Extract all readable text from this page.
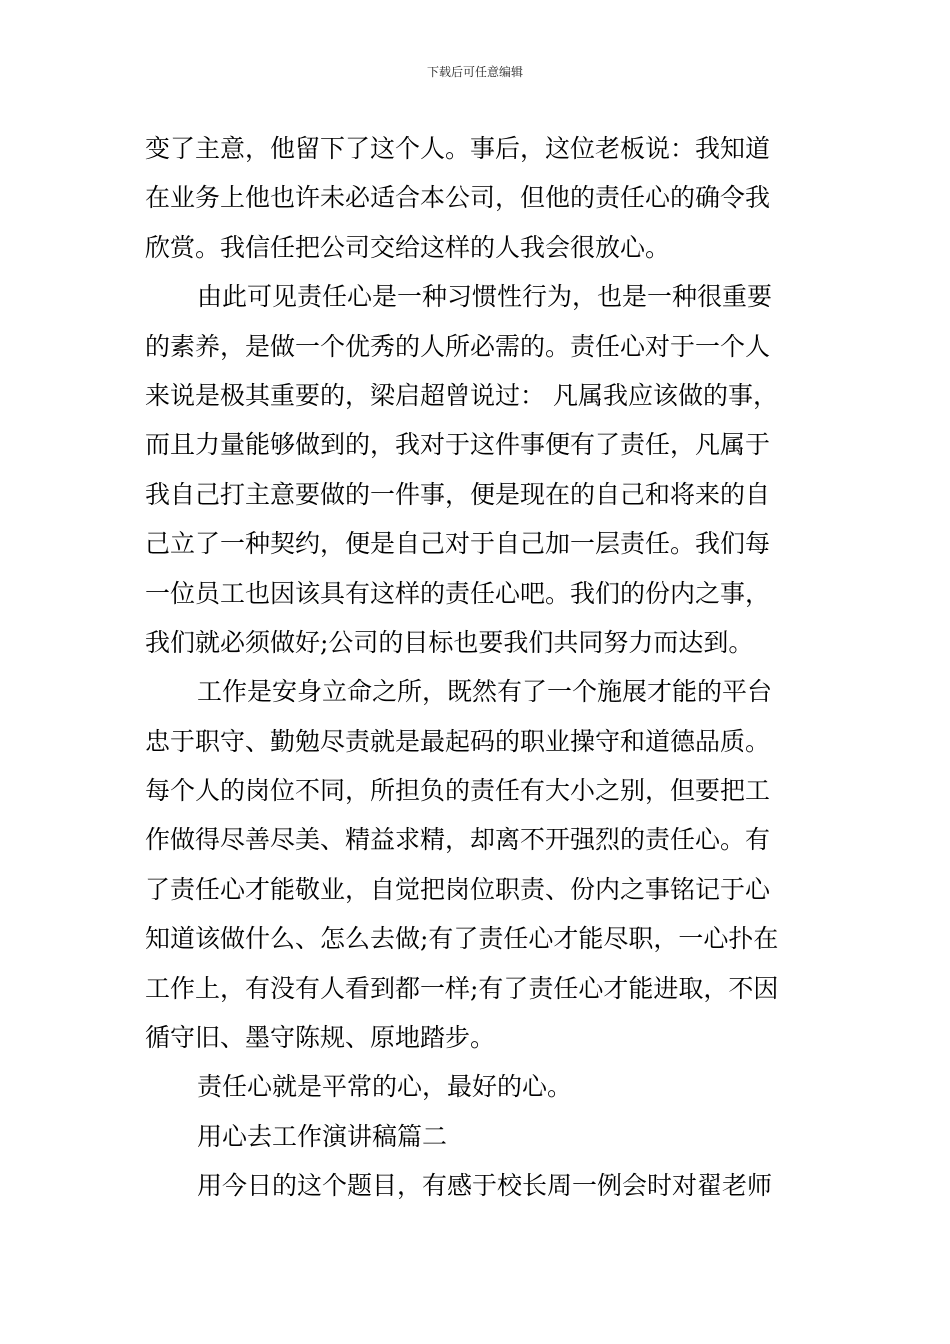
下载后可任意编辑
变了主意，他留下了这个人。事后，这位老板说：我知道
在业务上他也许未必适合本公司，但他的责任心的确令我
欣赏。我信任把公司交给这样的人我会很放心。
由此可见责任心是一种习惯性行为，也是一种很重要
的素养，是做一个优秀的人所必需的。责任心对于一个人
来说是极其重要的，梁启超曾说过： 凡属我应该做的事，
而且力量能够做到的，我对于这件事便有了责任，凡属于
我自己打主意要做的一件事，便是现在的自己和将来的自
己立了一种契约，便是自己对于自己加一层责任。我们每
一位员工也因该具有这样的责任心吧。我们的份内之事，
我们就必须做好;公司的目标也要我们共同努力而达到。
工作是安身立命之所，既然有了一个施展才能的平台
忠于职守、勤勉尽责就是最起码的职业操守和道德品质。
每个人的岗位不同，所担负的责任有大小之别，但要把工
作做得尽善尽美、精益求精，却离不开强烈的责任心。有
了责任心才能敬业，自觉把岗位职责、份内之事铭记于心
知道该做什么、怎么去做;有了责任心才能尽职，一心扑在
工作上，有没有人看到都一样;有了责任心才能进取，不因
循守旧、墨守陈规、原地踏步。
责任心就是平常的心，最好的心。
用心去工作演讲稿篇二
用今日的这个题目，有感于校长周一例会时对翟老师
